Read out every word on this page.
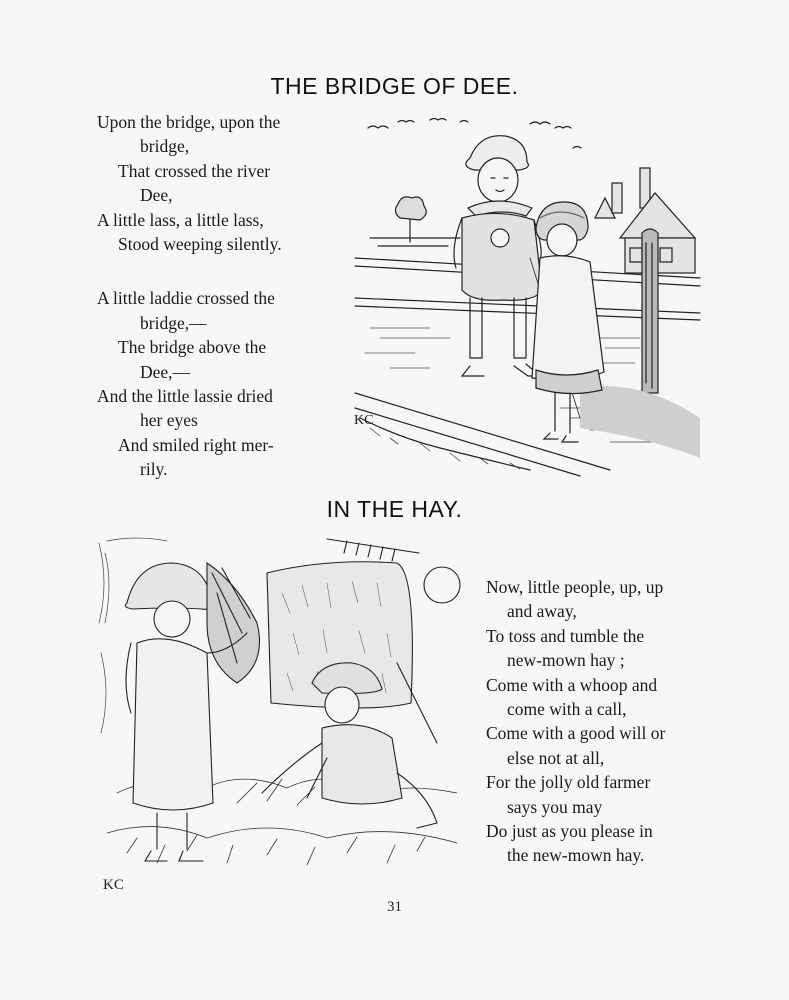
THE BRIDGE OF DEE.
Upon the bridge, upon the
bridge,
That crossed the river
Dee,
A little lass, a little lass,
Stood weeping silently.
A little laddie crossed the
bridge,—
The bridge above the
Dee,—
And the little lassie dried
her eyes
And smiled right mer-
rily.
KC
IN THE HAY.
KC
Now, little people, up, up
and away,
To toss and tumble the
new-mown hay ;
Come with a whoop and
come with a call,
Come with a good will or
else not at all,
For the jolly old farmer
says you may
Do just as you please in
the new-mown hay.
31
